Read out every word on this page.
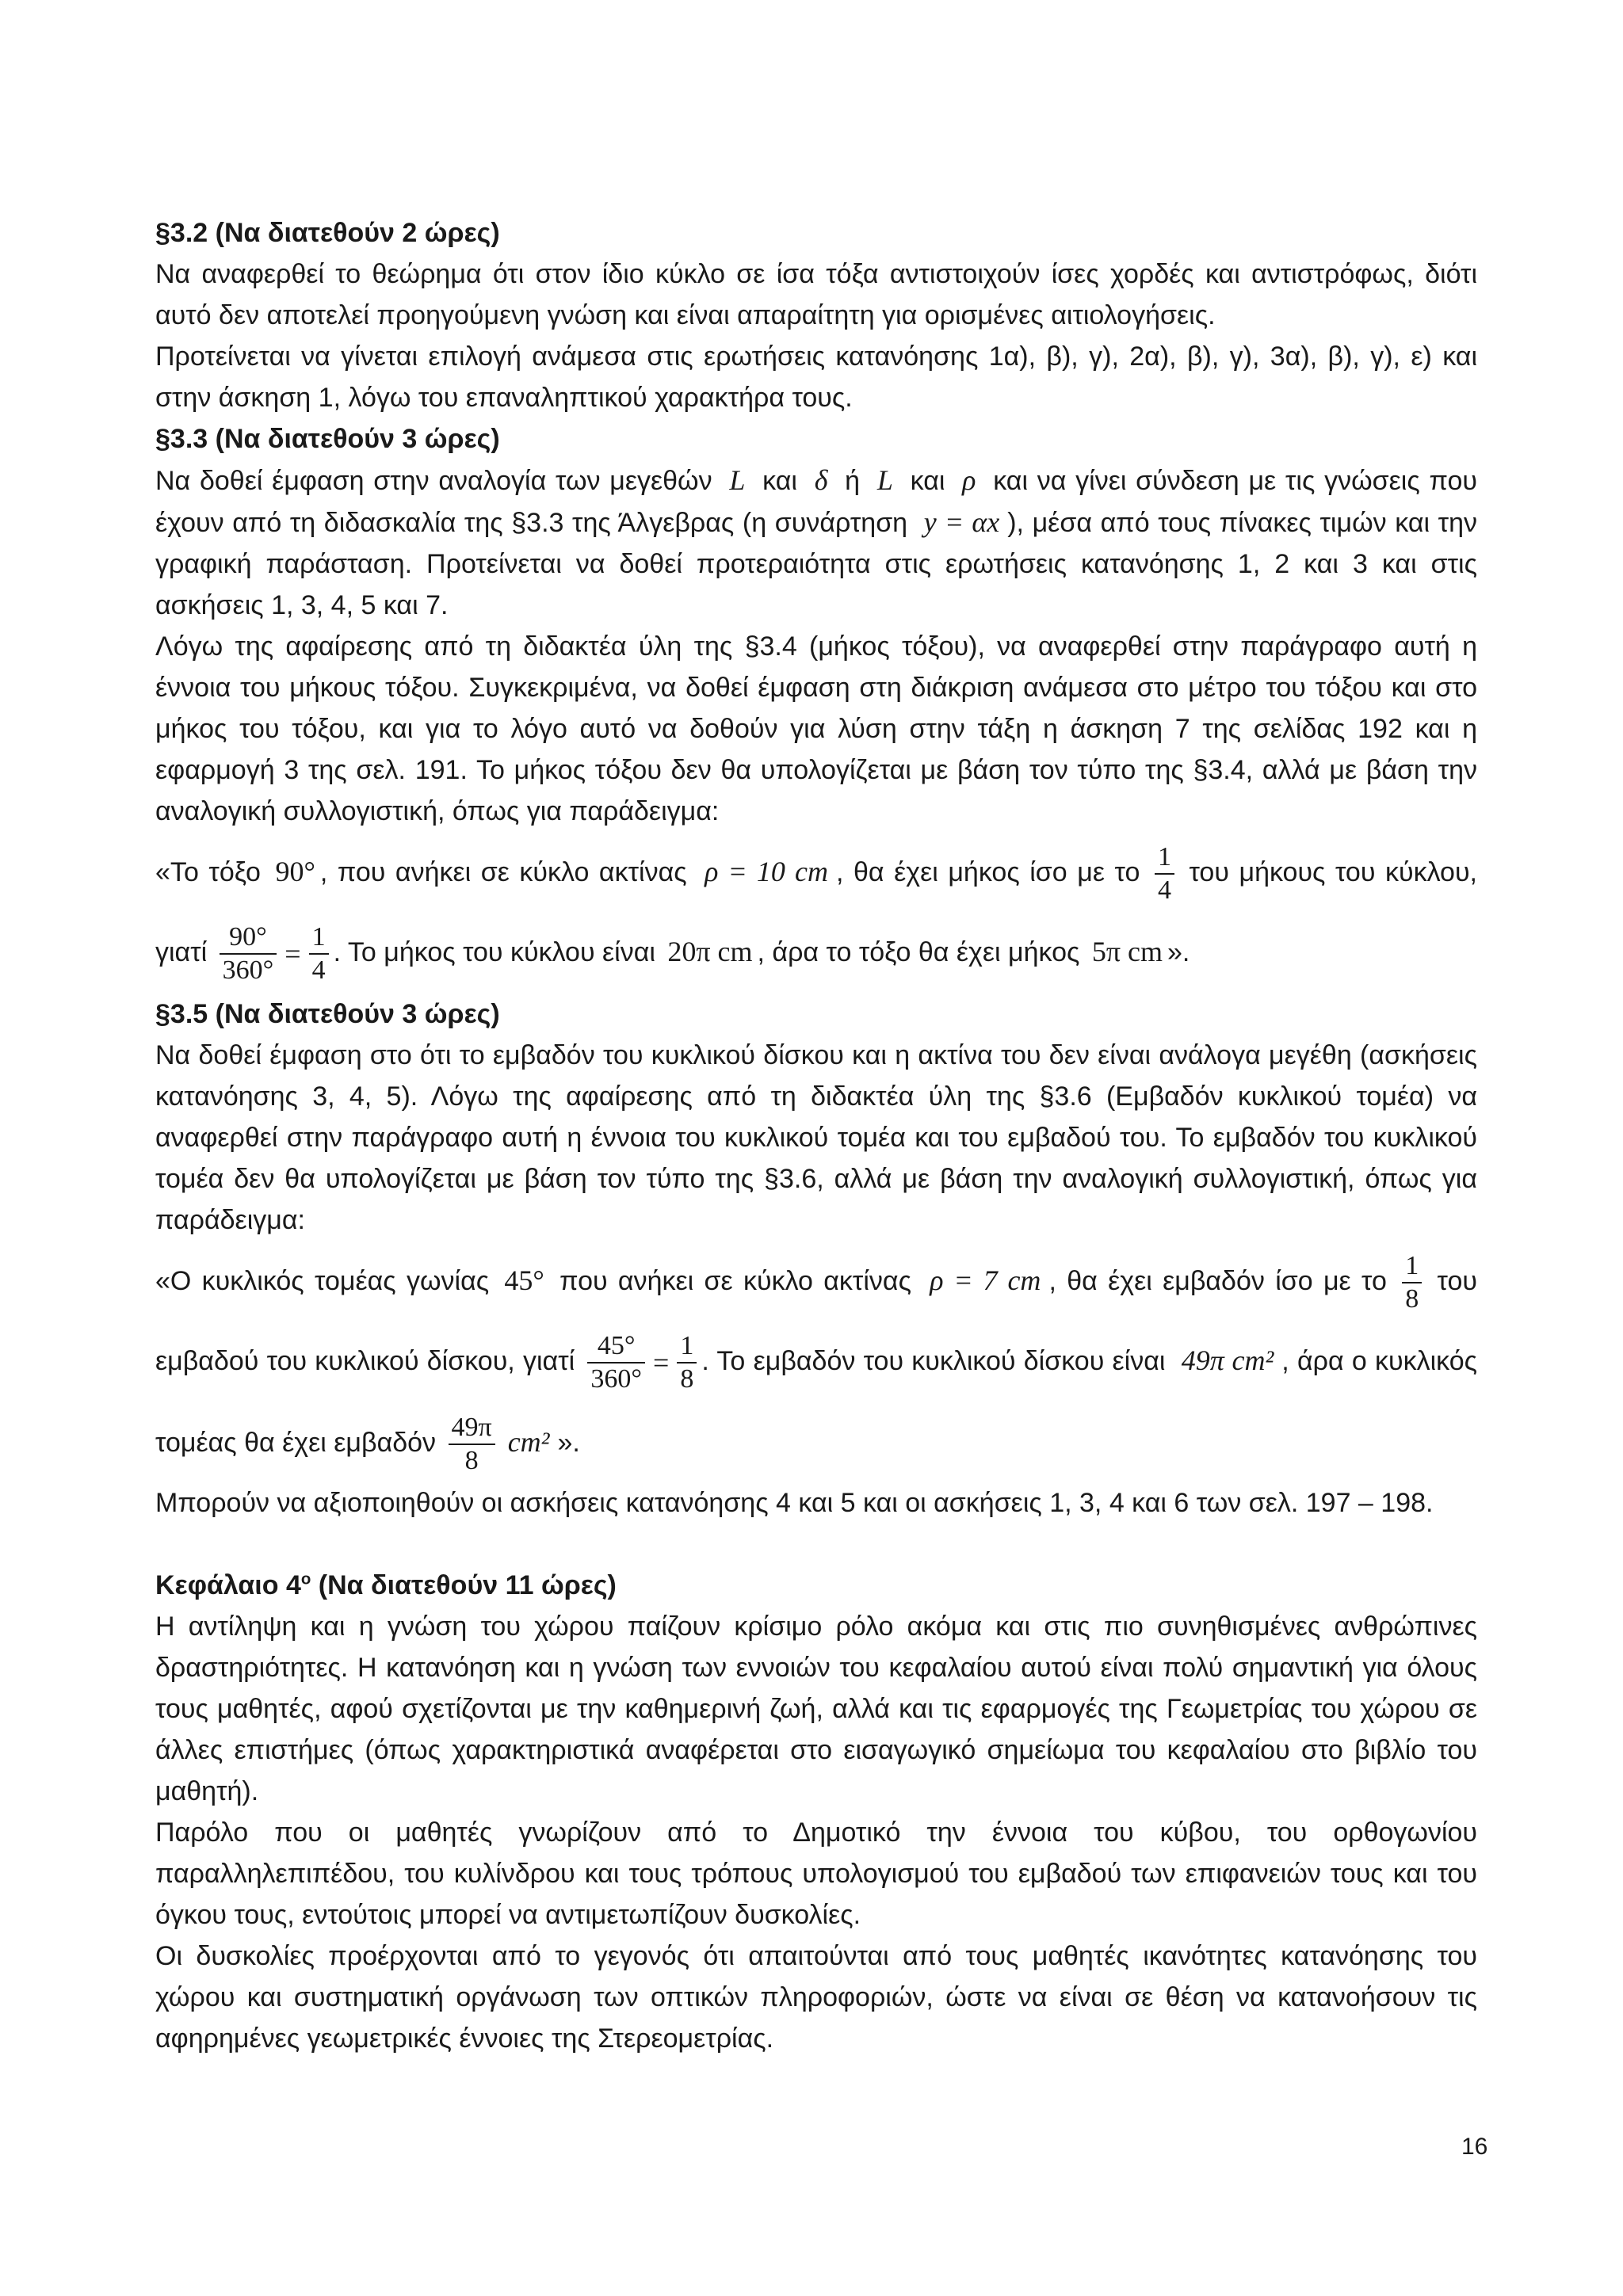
§3.2 (Να διατεθούν 2 ώρες)

Να αναφερθεί το θεώρημα ότι στον ίδιο κύκλο σε ίσα τόξα αντιστοιχούν ίσες χορδές και αντιστρόφως, διότι αυτό δεν αποτελεί προηγούμενη γνώση και είναι απαραίτητη για ορισμένες αιτιολογήσεις.

Προτείνεται να γίνεται επιλογή ανάμεσα στις ερωτήσεις κατανόησης 1α), β), γ), 2α), β), γ), 3α), β), γ), ε) και στην άσκηση 1, λόγω του επαναληπτικού χαρακτήρα τους.

§3.3 (Να διατεθούν 3 ώρες)

Να δοθεί έμφαση στην αναλογία των μεγεθών L και δ ή L και ρ και να γίνει σύνδεση με τις γνώσεις που έχουν από τη διδασκαλία της §3.3 της Άλγεβρας (η συνάρτηση y = αx ), μέσα από τους πίνακες τιμών και την γραφική παράσταση. Προτείνεται να δοθεί προτεραιότητα στις ερωτήσεις κατανόησης 1, 2 και 3 και στις ασκήσεις 1, 3, 4, 5 και 7.

Λόγω της αφαίρεσης από τη διδακτέα ύλη της §3.4 (μήκος τόξου), να αναφερθεί στην παράγραφο αυτή η έννοια του μήκους τόξου. Συγκεκριμένα, να δοθεί έμφαση στη διάκριση ανάμεσα στο μέτρο του τόξου και στο μήκος του τόξου, και για το λόγο αυτό να δοθούν για λύση στην τάξη η άσκηση 7 της σελίδας 192 και η εφαρμογή 3 της σελ. 191. Το μήκος τόξου δεν θα υπολογίζεται με βάση τον τύπο της §3.4, αλλά με βάση την αναλογική συλλογιστική, όπως για παράδειγμα:

«Το τόξο 90° , που ανήκει σε κύκλο ακτίνας ρ = 10 cm , θα έχει μήκος ίσο με το $\frac{1}{4}$ του μήκους του κύκλου, γιατί $\frac{90^\circ}{360^\circ} = \frac{1}{4}$ . Το μήκος του κύκλου είναι 20π cm , άρα το τόξο θα έχει μήκος 5π cm ».

§3.5 (Να διατεθούν 3 ώρες)

Να δοθεί έμφαση στο ότι το εμβαδόν του κυκλικού δίσκου και η ακτίνα του δεν είναι ανάλογα μεγέθη (ασκήσεις κατανόησης 3, 4, 5). Λόγω της αφαίρεσης από τη διδακτέα ύλη της §3.6 (Εμβαδόν κυκλικού τομέα) να αναφερθεί στην παράγραφο αυτή η έννοια του κυκλικού τομέα και του εμβαδού του. Το εμβαδόν του κυκλικού τομέα δεν θα υπολογίζεται με βάση τον τύπο της §3.6, αλλά με βάση την αναλογική συλλογιστική, όπως για παράδειγμα:

«Ο κυκλικός τομέας γωνίας 45° που ανήκει σε κύκλο ακτίνας ρ = 7 cm , θα έχει εμβαδόν ίσο με το $\frac{1}{8}$ του εμβαδού του κυκλικού δίσκου, γιατί $\frac{45^\circ}{360^\circ} = \frac{1}{8}$ . Το εμβαδόν του κυκλικού δίσκου είναι 49π cm² , άρα ο κυκλικός τομέας θα έχει εμβαδόν $\frac{49\pi}{8} cm^2$ ».

Μπορούν να αξιοποιηθούν οι ασκήσεις κατανόησης 4 και 5 και οι ασκήσεις 1, 3, 4 και 6 των σελ. 197 – 198.

Κεφάλαιο $4^o$ (Να διατεθούν 11 ώρες)

Η αντίληψη και η γνώση του χώρου παίζουν κρίσιμο ρόλο ακόμα και στις πιο συνηθισμένες ανθρώπινες δραστηριότητες. Η κατανόηση και η γνώση των εννοιών του κεφαλαίου αυτού είναι πολύ σημαντική για όλους τους μαθητές, αφού σχετίζονται με την καθημερινή ζωή, αλλά και τις εφαρμογές της Γεωμετρίας του χώρου σε άλλες επιστήμες (όπως χαρακτηριστικά αναφέρεται στο εισαγωγικό σημείωμα του κεφαλαίου στο βιβλίο του μαθητή).

Παρόλο που οι μαθητές γνωρίζουν από το Δημοτικό την έννοια του κύβου, του ορθογωνίου παραλληλεπιπέδου, του κυλίνδρου και τους τρόπους υπολογισμού του εμβαδού των επιφανειών τους και του όγκου τους, εντούτοις μπορεί να αντιμετωπίζουν δυσκολίες.

Οι δυσκολίες προέρχονται από το γεγονός ότι απαιτούνται από τους μαθητές ικανότητες κατανόησης του χώρου και συστηματική οργάνωση των οπτικών πληροφοριών, ώστε να είναι σε θέση να κατανοήσουν τις αφηρημένες γεωμετρικές έννοιες της Στερεομετρίας.

16
